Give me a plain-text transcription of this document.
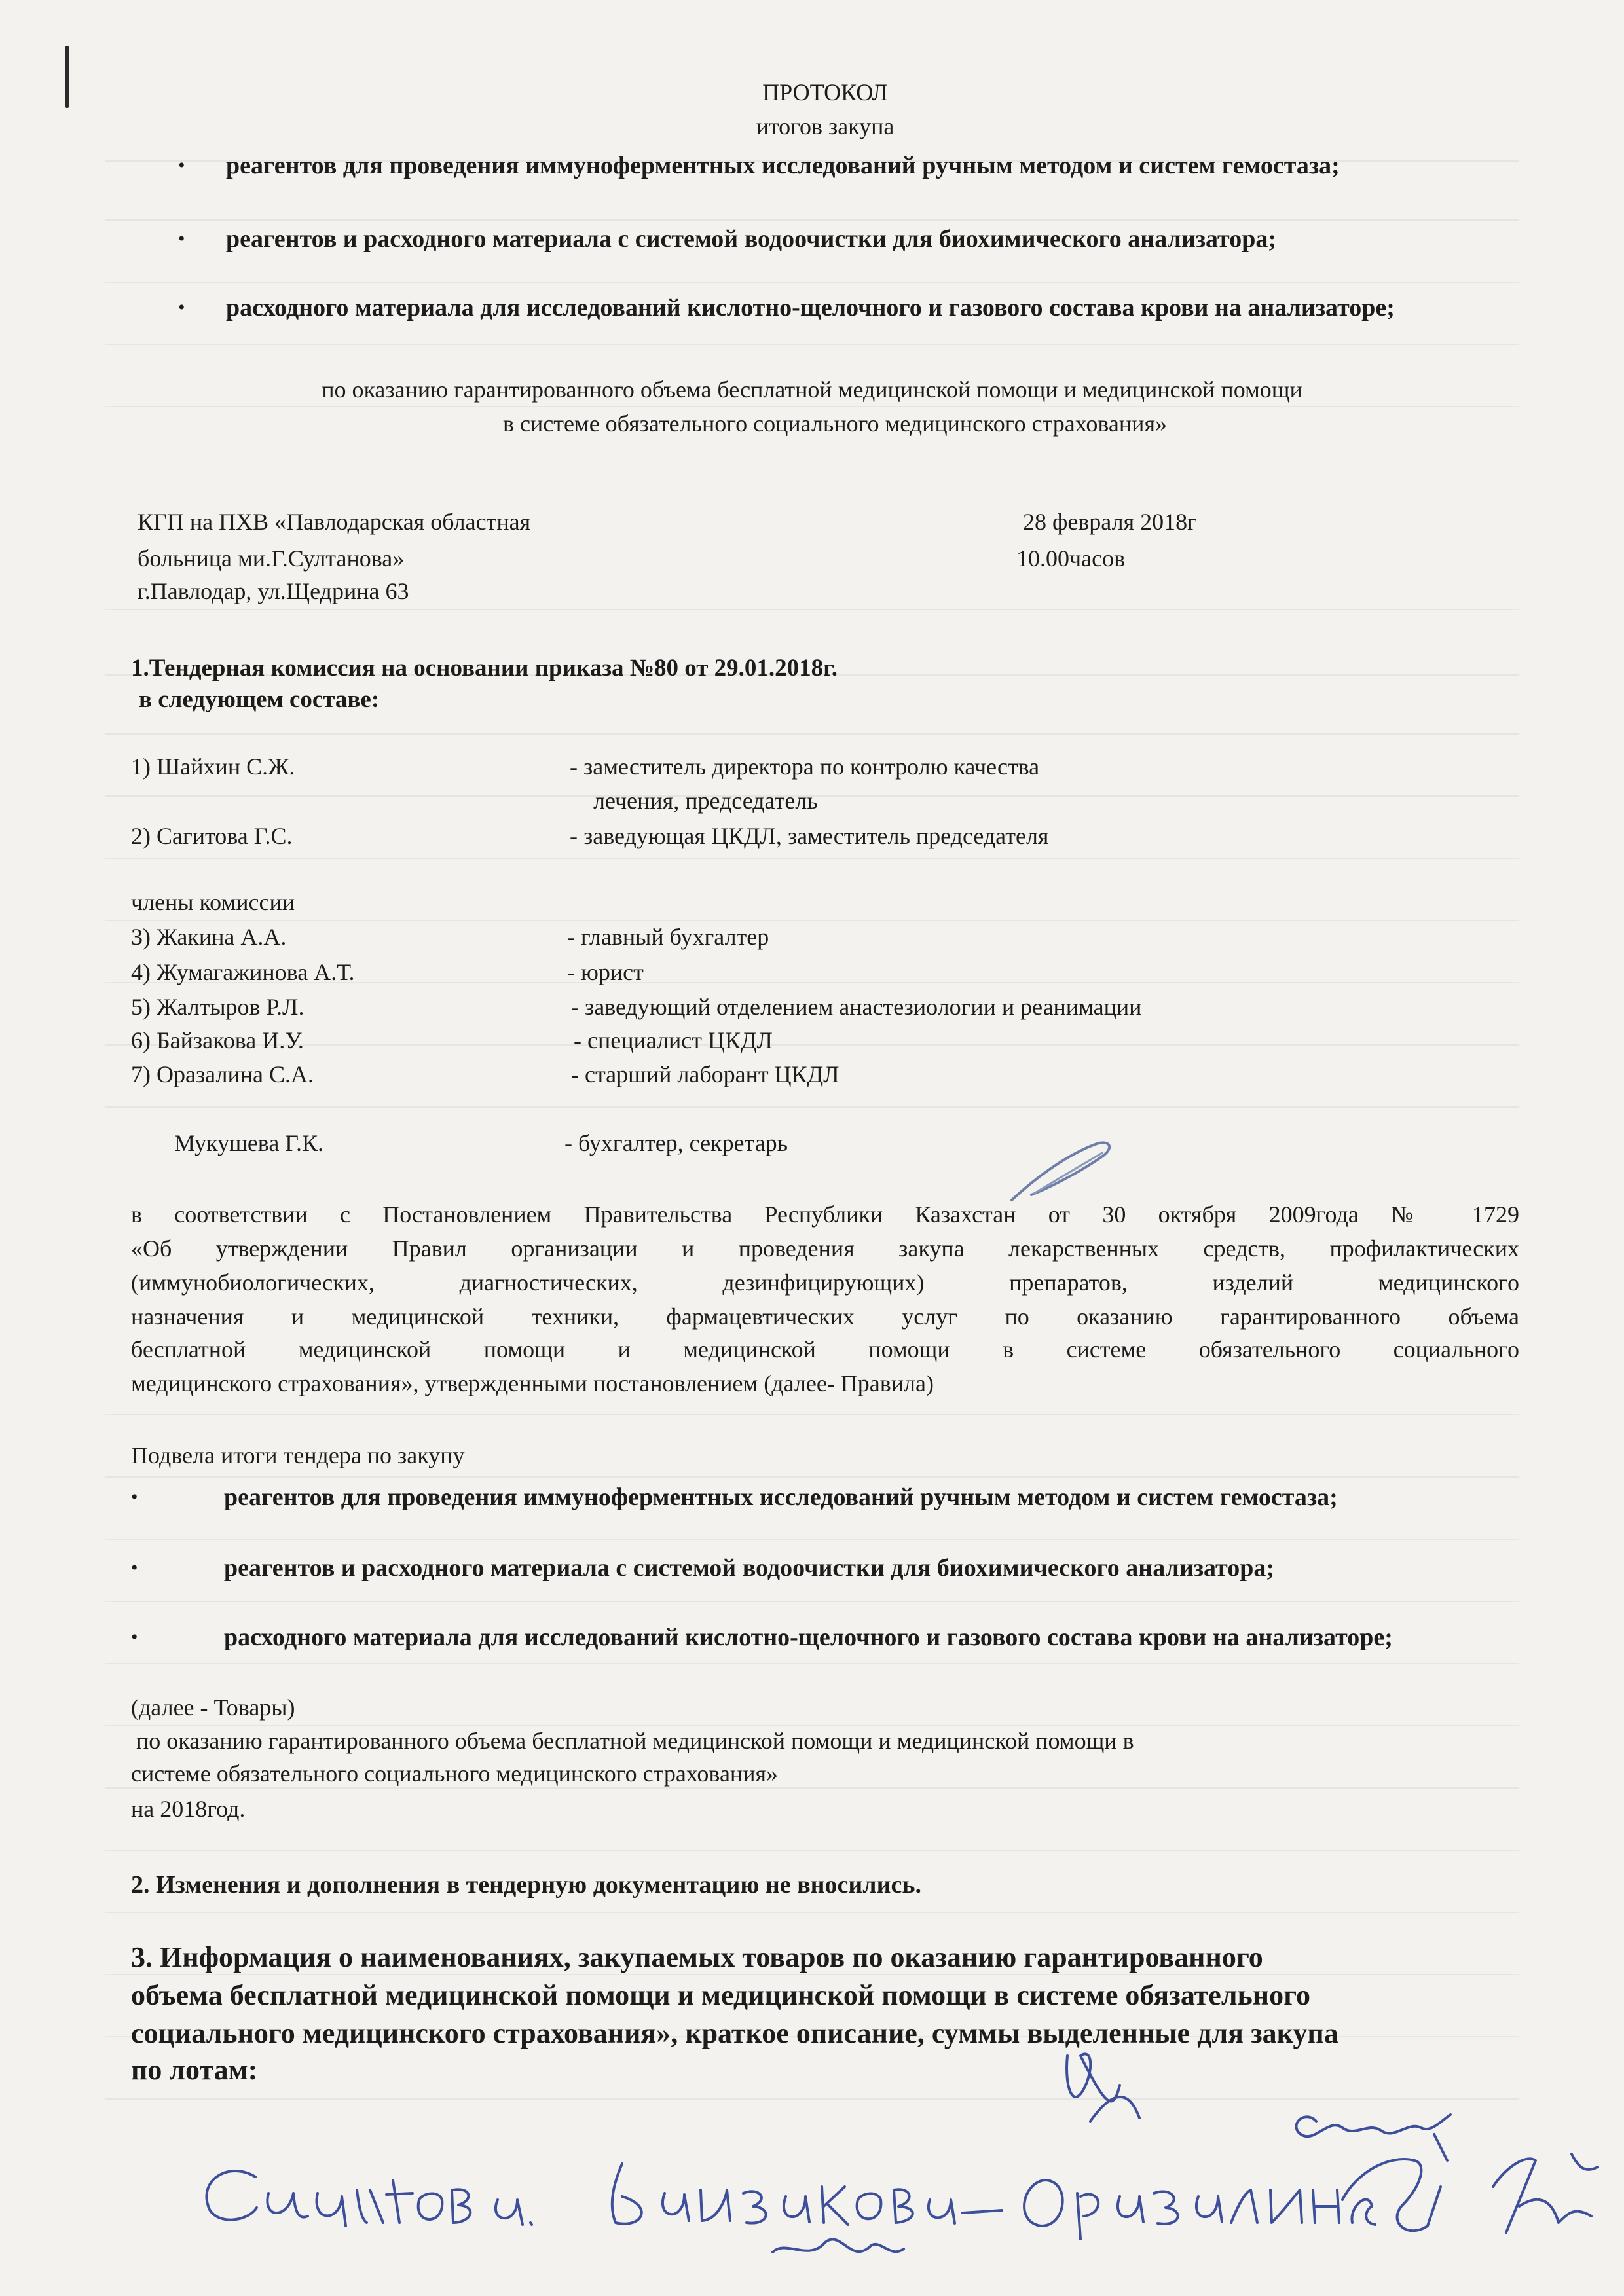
ПРОТОКОЛ
итогов закупа
• реагентов для проведения иммуноферментных исследований ручным методом и систем гемостаза;
• реагентов и расходного материала с системой водоочистки для биохимического анализатора;
• расходного материала для исследований кислотно-щелочного и газового состава крови на анализаторе;
по оказанию гарантированного объема бесплатной медицинской помощи и медицинской помощи
в системе обязательного социального медицинского страхования»
КГП на ПХВ «Павлодарская областная
больница ми.Г.Султанова»
г.Павлодар, ул.Щедрина 63
28 февраля 2018г
10.00часов
1.Тендерная комиссия на основании приказа №80 от 29.01.2018г.
в следующем составе:
1) Шайхин С.Ж.	- заместитель директора по контролю качества
лечения, председатель
2) Сагитова Г.С.	- заведующая ЦКДЛ, заместитель председателя
члены комиссии
3) Жакина А.А.	- главный бухгалтер
4) Жумагажинова А.Т.	- юрист
5) Жалтыров Р.Л.	- заведующий отделением анастезиологии и реанимации
6) Байзакова И.У.	- специалист ЦКДЛ
7) Оразалина С.А.	- старший лаборант ЦКДЛ
Мукушева Г.К.	- бухгалтер, секретарь
в соответствии с Постановлением Правительства Республики Казахстан от 30 октября 2009года № 1729
«Об утверждении Правил организации и проведения закупа лекарственных средств, профилактических
(иммунобиологических, диагностических, дезинфицирующих) препаратов, изделий медицинского
назначения и медицинской техники, фармацевтических услуг по оказанию гарантированного объема
бесплатной медицинской помощи и медицинской помощи в системе обязательного социального
медицинского страхования», утвержденными постановлением (далее- Правила)
Подвела итоги тендера по закупу
•	реагентов для проведения иммуноферментных исследований ручным методом и систем гемостаза;
•	реагентов и расходного материала с системой водоочистки для биохимического анализатора;
•	расходного материала для исследований кислотно-щелочного и газового состава крови на анализаторе;
(далее - Товары)
по оказанию гарантированного объема бесплатной медицинской помощи и медицинской помощи в
системе обязательного социального медицинского страхования»
на 2018год.
2. Изменения и дополнения в тендерную документацию не вносились.
3. Информация о наименованиях, закупаемых товаров по оказанию гарантированного
объема бесплатной медицинской помощи и медицинской помощи в системе обязательного
социального медицинского страхования», краткое описание, суммы выделенные для закупа
по лотам:
